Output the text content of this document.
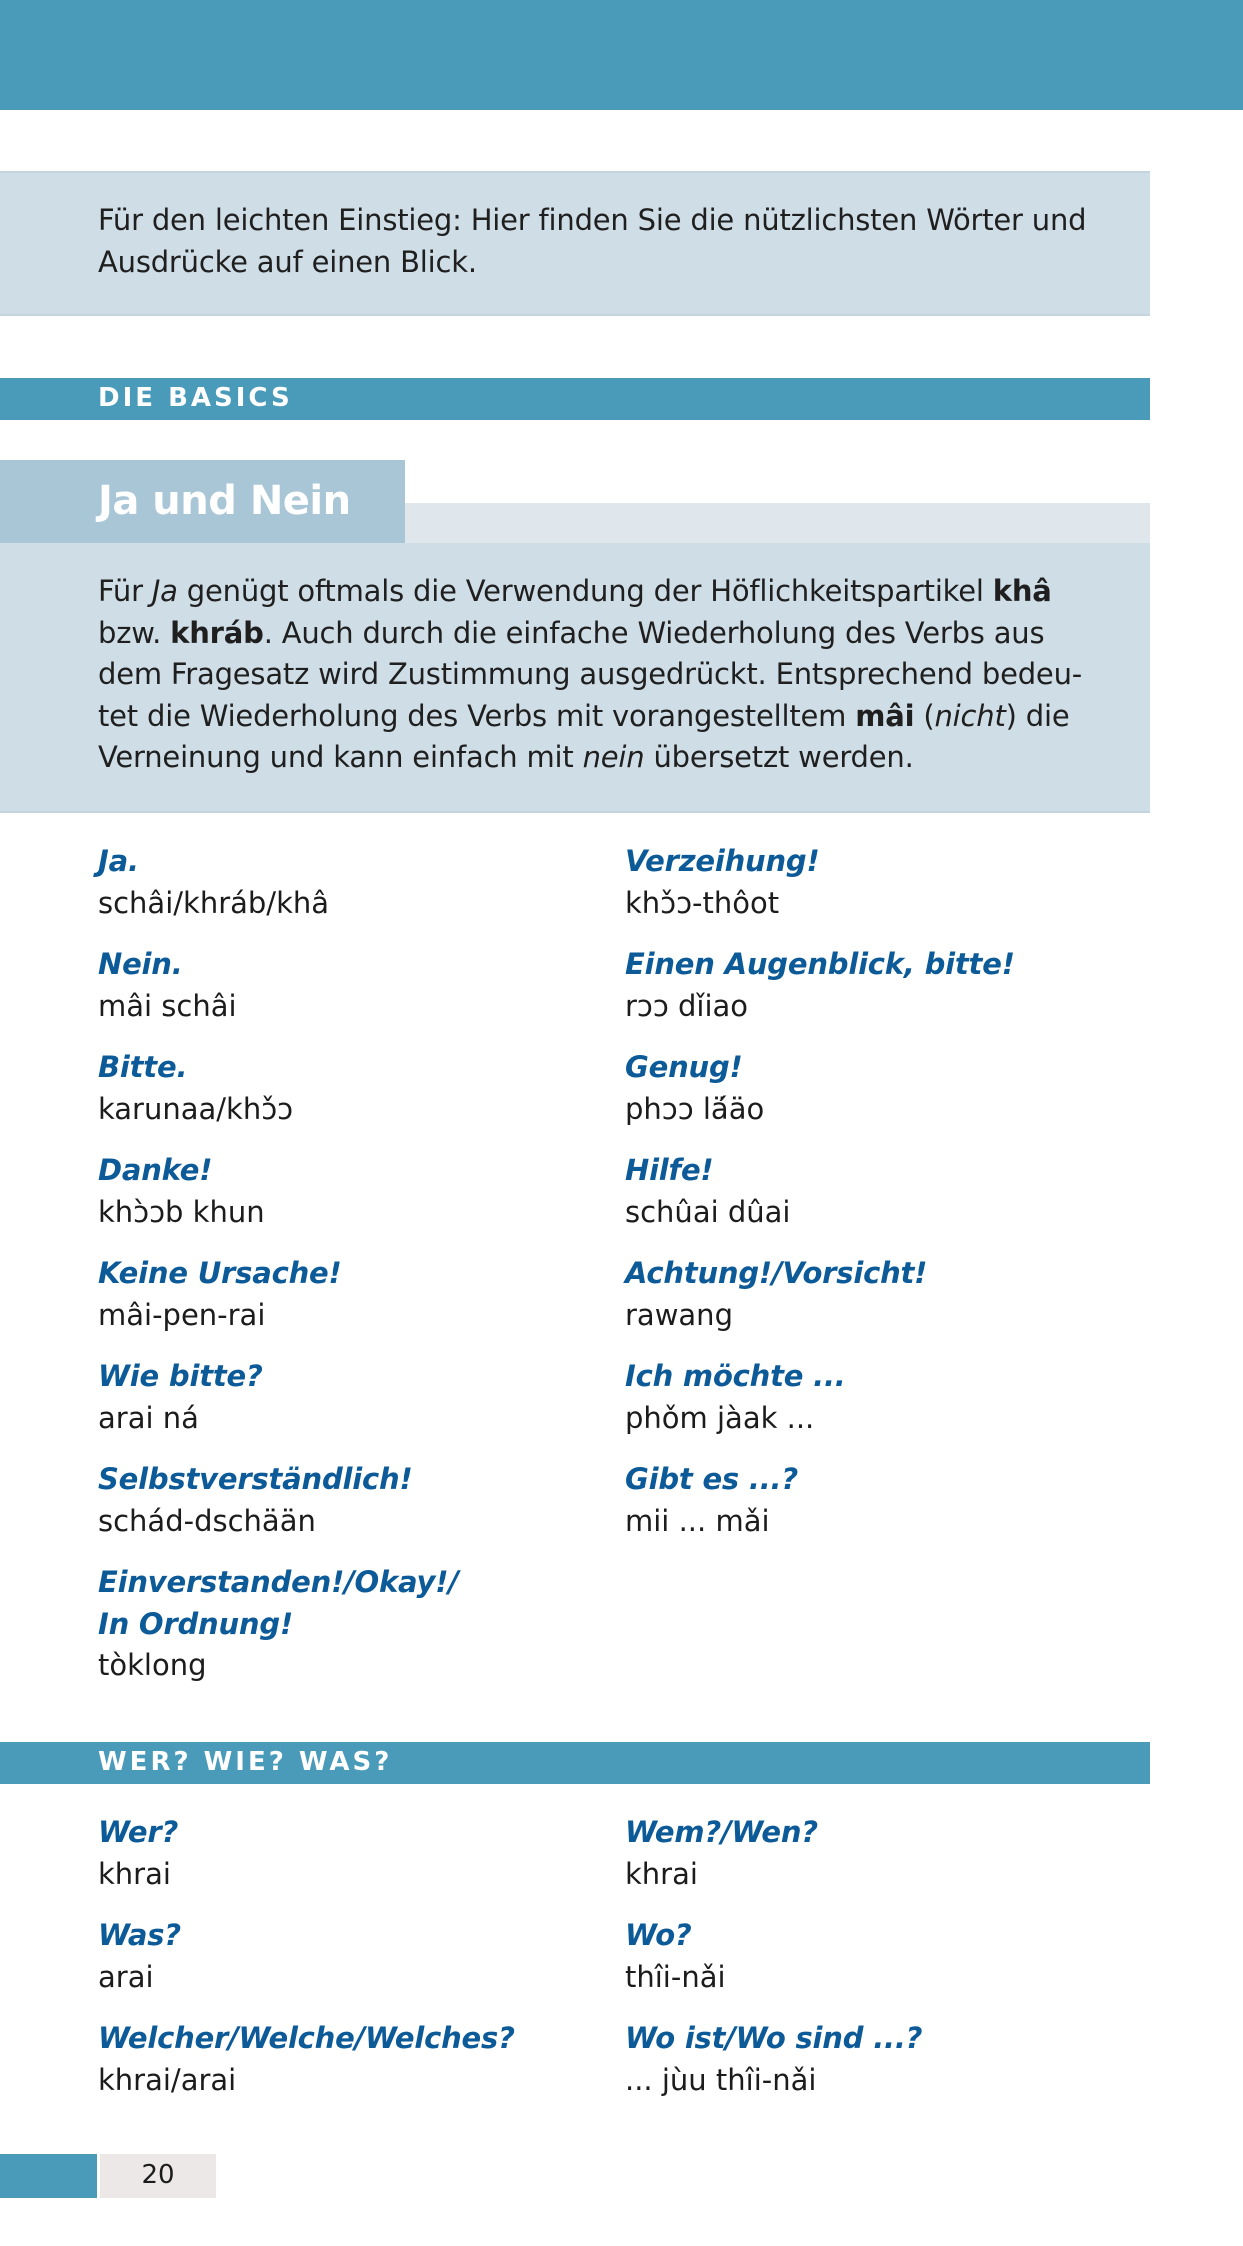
Für den leichten Einstieg: Hier finden Sie die nützlichsten Wörter und Ausdrücke auf einen Blick.
DIE BASICS
Ja und Nein
Für Ja genügt oftmals die Verwendung der Höflichkeitspartikel khâ bzw. khráb. Auch durch die einfache Wiederholung des Verbs aus dem Fragesatz wird Zustimmung ausgedrückt. Entsprechend bedeu-tet die Wiederholung des Verbs mit vorangestelltem mâi (nicht) die Verneinung und kann einfach mit nein übersetzt werden.
Ja.
schâi/khráb/khâ
Nein.
mâi schâi
Bitte.
karunaa/khɔ̌ɔ
Danke!
khɔ̀ɔb khun
Keine Ursache!
mâi-pen-rai
Wie bitte?
arai ná
Selbstverständlich!
schád-dschään
Einverstanden!/Okay!/
In Ordnung!
tòklong
Verzeihung!
khɔ̌ɔ-thôot
Einen Augenblick, bitte!
rɔɔ dǐiao
Genug!
phɔɔ lä́äo
Hilfe!
schûai dûai
Achtung!/Vorsicht!
rawang
Ich möchte ...
phǒm jàak ...
Gibt es ...?
mii ... mǎi
WER? WIE? WAS?
Wer?
khrai
Was?
arai
Welcher/Welche/Welches?
khrai/arai
Wem?/Wen?
khrai
Wo?
thîi-nǎi
Wo ist/Wo sind ...?
... jùu thîi-nǎi
20
